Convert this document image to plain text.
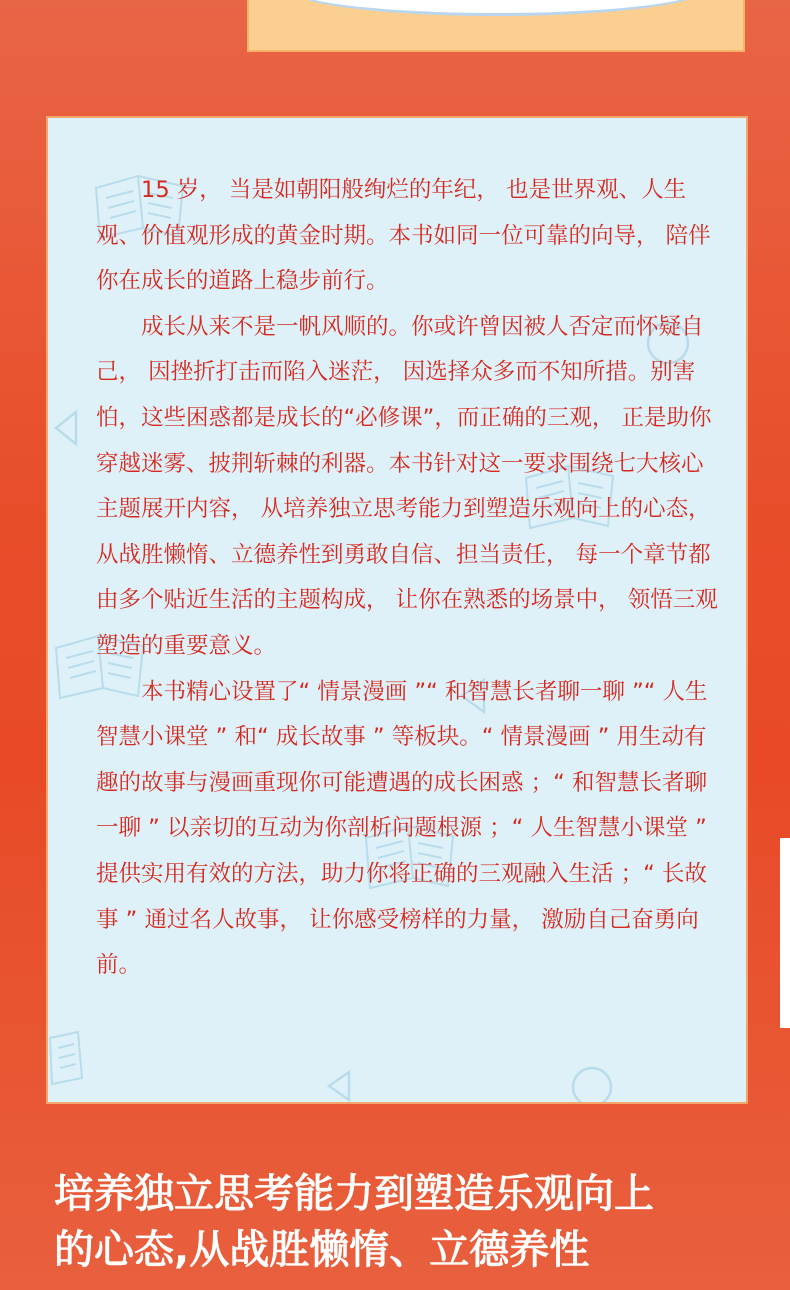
15 岁， 当是如朝阳般绚烂的年纪， 也是世界观、人生观、价值观形成的黄金时期。本书如同一位可靠的向导， 陪伴你在成长的道路上稳步前行。

成长从来不是一帆风顺的。你或许曾因被人否定而怀疑自己， 因挫折打击而陷入迷茫， 因选择众多而不知所措。别害怕，这些困惑都是成长的“必修课”，而正确的三观， 正是助你穿越迷雾、披荆斩棘的利器。本书针对这一要求围绕七大核心主题展开内容， 从培养独立思考能力到塑造乐观向上的心态，从战胜懒惰、立德养性到勇敢自信、担当责任， 每一个章节都由多个贴近生活的主题构成， 让你在熟悉的场景中， 领悟三观塑造的重要意义。

本书精心设置了“ 情景漫画 ”“ 和智慧长者聊一聊 ”“ 人生智慧小课堂 ” 和“ 成长故事 ” 等板块。“ 情景漫画 ” 用生动有趣的故事与漫画重现你可能遭遇的成长困惑 ；“ 和智慧长者聊一聊 ” 以亲切的互动为你剖析问题根源 ；“ 人生智慧小课堂 ” 提供实用有效的方法，助力你将正确的三观融入生活 ；“ 长故事 ” 通过名人故事， 让你感受榜样的力量， 激励自己奋勇向前。

培养独立思考能力到塑造乐观向上
的心态,从战胜懒惰、立德养性
